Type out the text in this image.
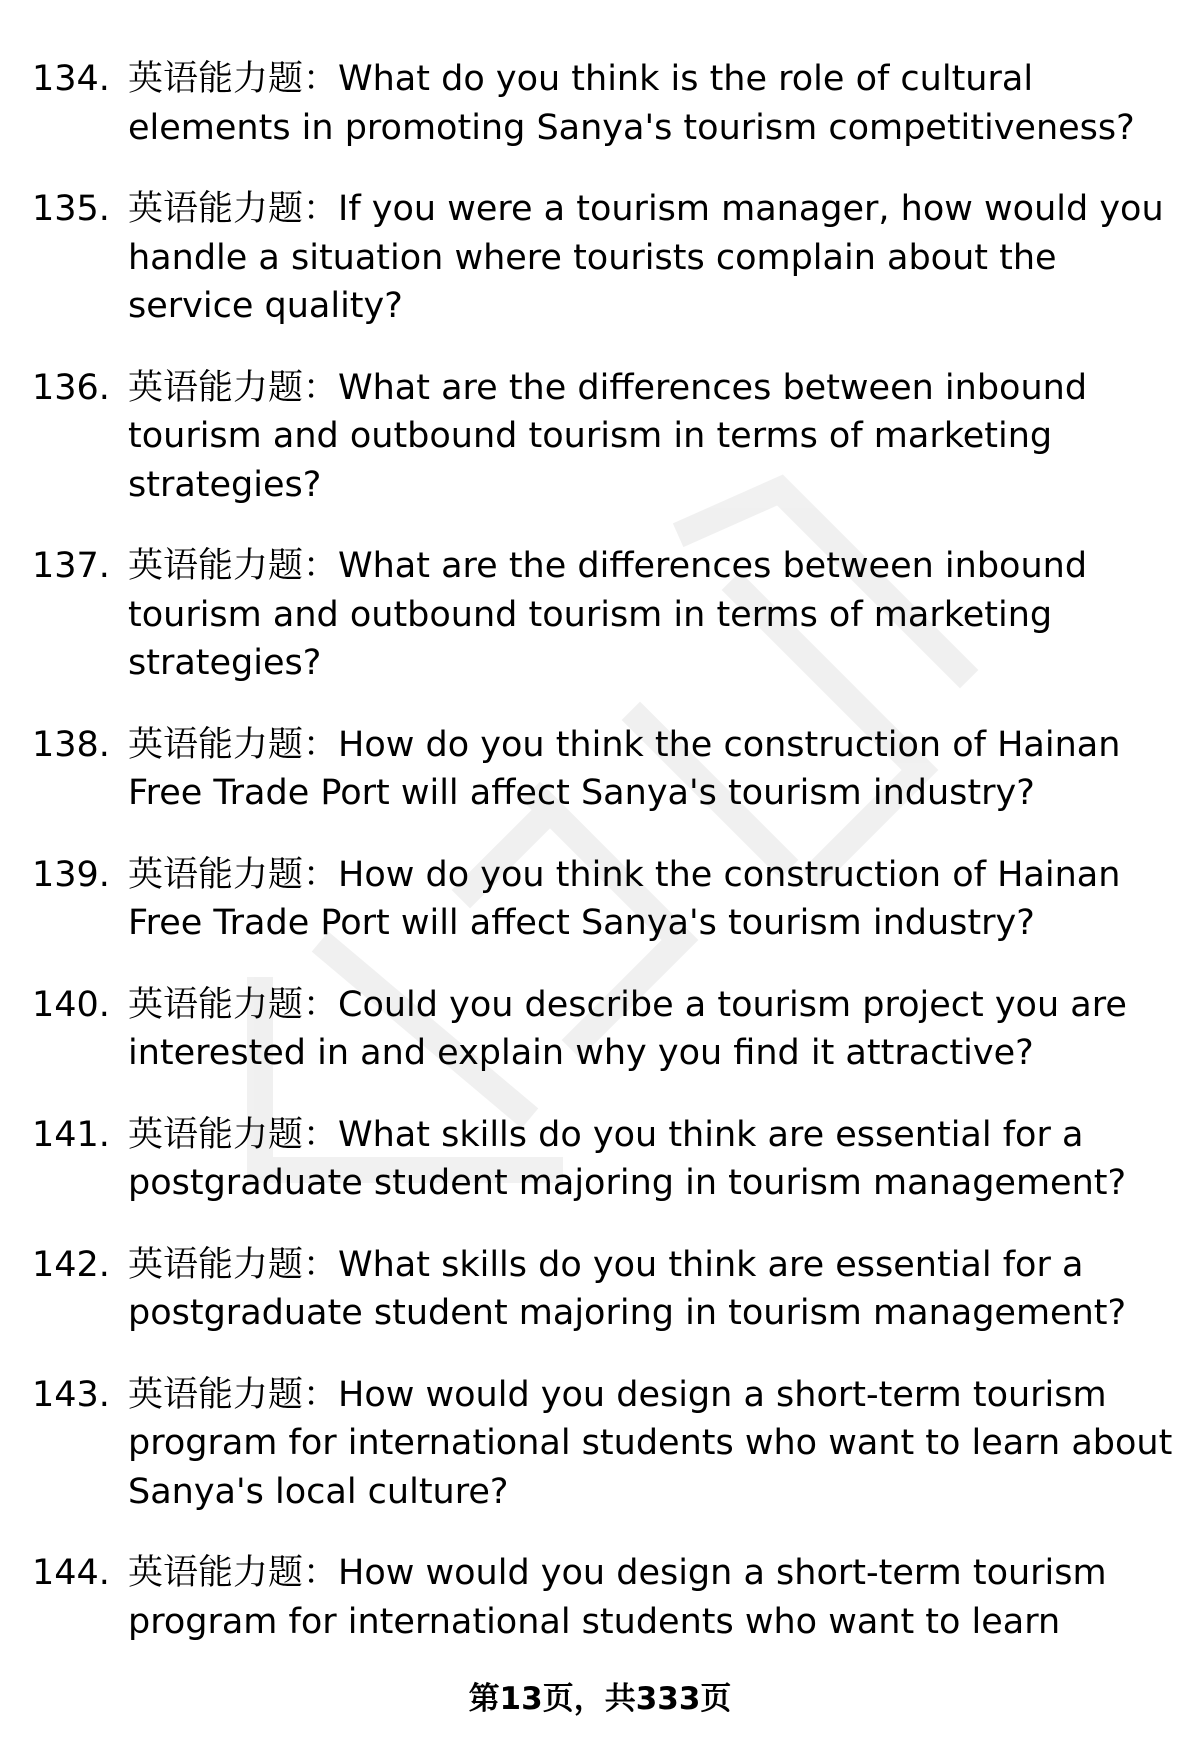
134. 英语能力题：What do you think is the role of cultural elements in promoting Sanya's tourism competitiveness?
135. 英语能力题：If you were a tourism manager, how would you handle a situation where tourists complain about the service quality?
136. 英语能力题：What are the differences between inbound tourism and outbound tourism in terms of marketing strategies?
137. 英语能力题：What are the differences between inbound tourism and outbound tourism in terms of marketing strategies?
138. 英语能力题：How do you think the construction of Hainan Free Trade Port will affect Sanya's tourism industry?
139. 英语能力题：How do you think the construction of Hainan Free Trade Port will affect Sanya's tourism industry?
140. 英语能力题：Could you describe a tourism project you are interested in and explain why you find it attractive?
141. 英语能力题：What skills do you think are essential for a postgraduate student majoring in tourism management?
142. 英语能力题：What skills do you think are essential for a postgraduate student majoring in tourism management?
143. 英语能力题：How would you design a short-term tourism program for international students who want to learn about Sanya's local culture?
144. 英语能力题：How would you design a short-term tourism program for international students who want to learn
第13页，共333页
